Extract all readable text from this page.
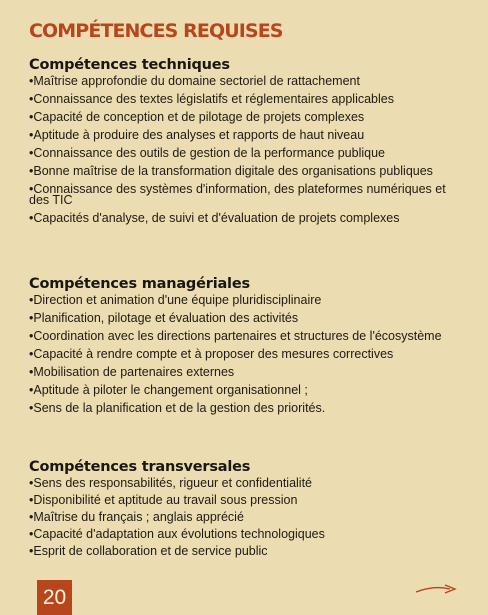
COMPÉTENCES REQUISES
Compétences techniques
•Maîtrise approfondie du domaine sectoriel de rattachement
•Connaissance des textes législatifs et réglementaires applicables
•Capacité de conception et de pilotage de projets complexes
•Aptitude à produire des analyses et rapports de haut niveau
•Connaissance des outils de gestion de la performance publique
•Bonne maîtrise de la transformation digitale des organisations publiques
•Connaissance des systèmes d'information, des plateformes numériques et des TIC
•Capacités d'analyse, de suivi et d'évaluation de projets complexes
Compétences managériales
•Direction et animation d'une équipe pluridisciplinaire
•Planification, pilotage et évaluation des activités
•Coordination avec les directions partenaires et structures de l'écosystème
•Capacité à rendre compte et à proposer des mesures correctives
•Mobilisation de partenaires externes
•Aptitude à piloter le changement organisationnel ;
•Sens de la planification et de la gestion des priorités.
Compétences transversales
•Sens des responsabilités, rigueur et confidentialité
•Disponibilité et aptitude au travail sous pression
•Maîtrise du français ; anglais apprécié
•Capacité d'adaptation aux évolutions technologiques
•Esprit de collaboration et de service public
20
